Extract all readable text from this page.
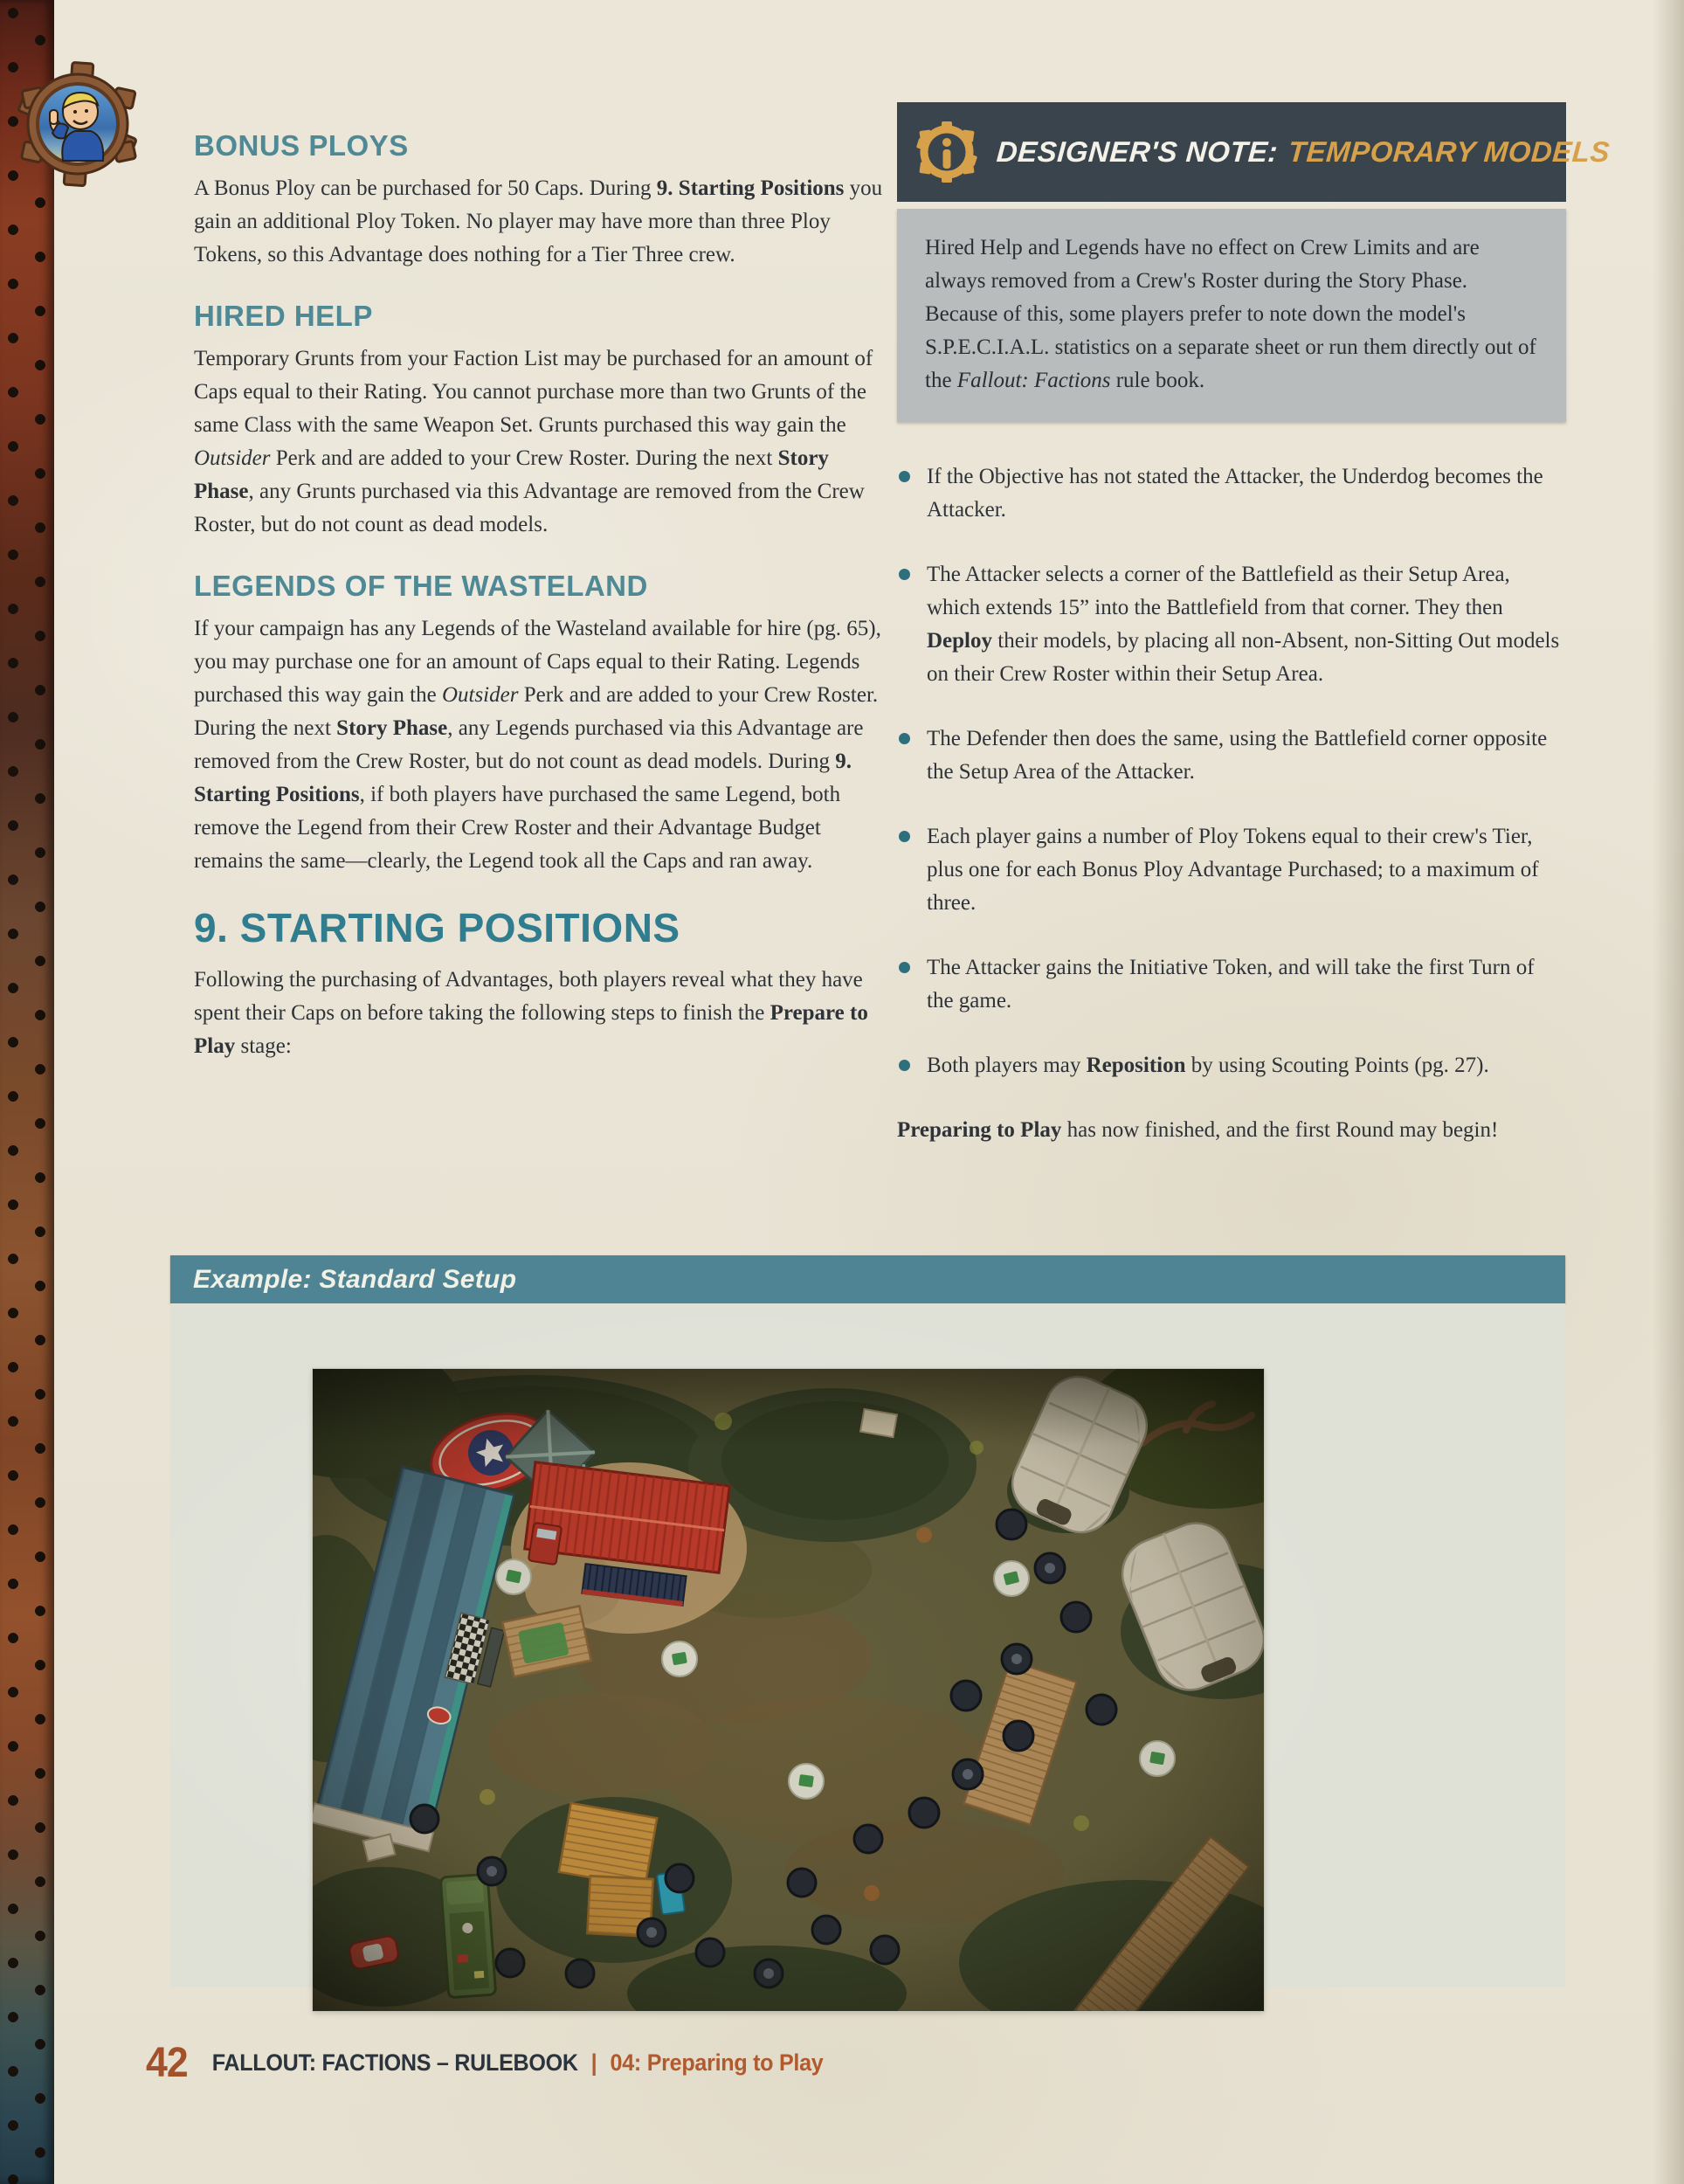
BONUS PLOYS

A Bonus Ploy can be purchased for 50 Caps. During 9. Starting Positions you gain an additional Ploy Token. No player may have more than three Ploy Tokens, so this Advantage does nothing for a Tier Three crew.

HIRED HELP

Temporary Grunts from your Faction List may be purchased for an amount of Caps equal to their Rating. You cannot purchase more than two Grunts of the same Class with the same Weapon Set. Grunts purchased this way gain the Outsider Perk and are added to your Crew Roster. During the next Story Phase, any Grunts purchased via this Advantage are removed from the Crew Roster, but do not count as dead models.

LEGENDS OF THE WASTELAND

If your campaign has any Legends of the Wasteland available for hire (pg. 65), you may purchase one for an amount of Caps equal to their Rating. Legends purchased this way gain the Outsider Perk and are added to your Crew Roster. During the next Story Phase, any Legends purchased via this Advantage are removed from the Crew Roster, but do not count as dead models. During 9. Starting Positions, if both players have purchased the same Legend, both remove the Legend from their Crew Roster and their Advantage Budget remains the same—clearly, the Legend took all the Caps and ran away.

9. STARTING POSITIONS

Following the purchasing of Advantages, both players reveal what they have spent their Caps on before taking the following steps to finish the Prepare to Play stage:

DESIGNER'S NOTE: TEMPORARY MODELS

Hired Help and Legends have no effect on Crew Limits and are always removed from a Crew's Roster during the Story Phase. Because of this, some players prefer to note down the model's S.P.E.C.I.A.L. statistics on a separate sheet or run them directly out of the Fallout: Factions rule book.

If the Objective has not stated the Attacker, the Underdog becomes the Attacker.
The Attacker selects a corner of the Battlefield as their Setup Area, which extends 15” into the Battlefield from that corner. They then Deploy their models, by placing all non-Absent, non-Sitting Out models on their Crew Roster within their Setup Area.
The Defender then does the same, using the Battlefield corner opposite the Setup Area of the Attacker.
Each player gains a number of Ploy Tokens equal to their crew's Tier, plus one for each Bonus Ploy Advantage Purchased; to a maximum of three.
The Attacker gains the Initiative Token, and will take the first Turn of the game.
Both players may Reposition by using Scouting Points (pg. 27).

Preparing to Play has now finished, and the first Round may begin!

Example: Standard Setup
42 FALLOUT: FACTIONS – RULEBOOK | 04: Preparing to Play
